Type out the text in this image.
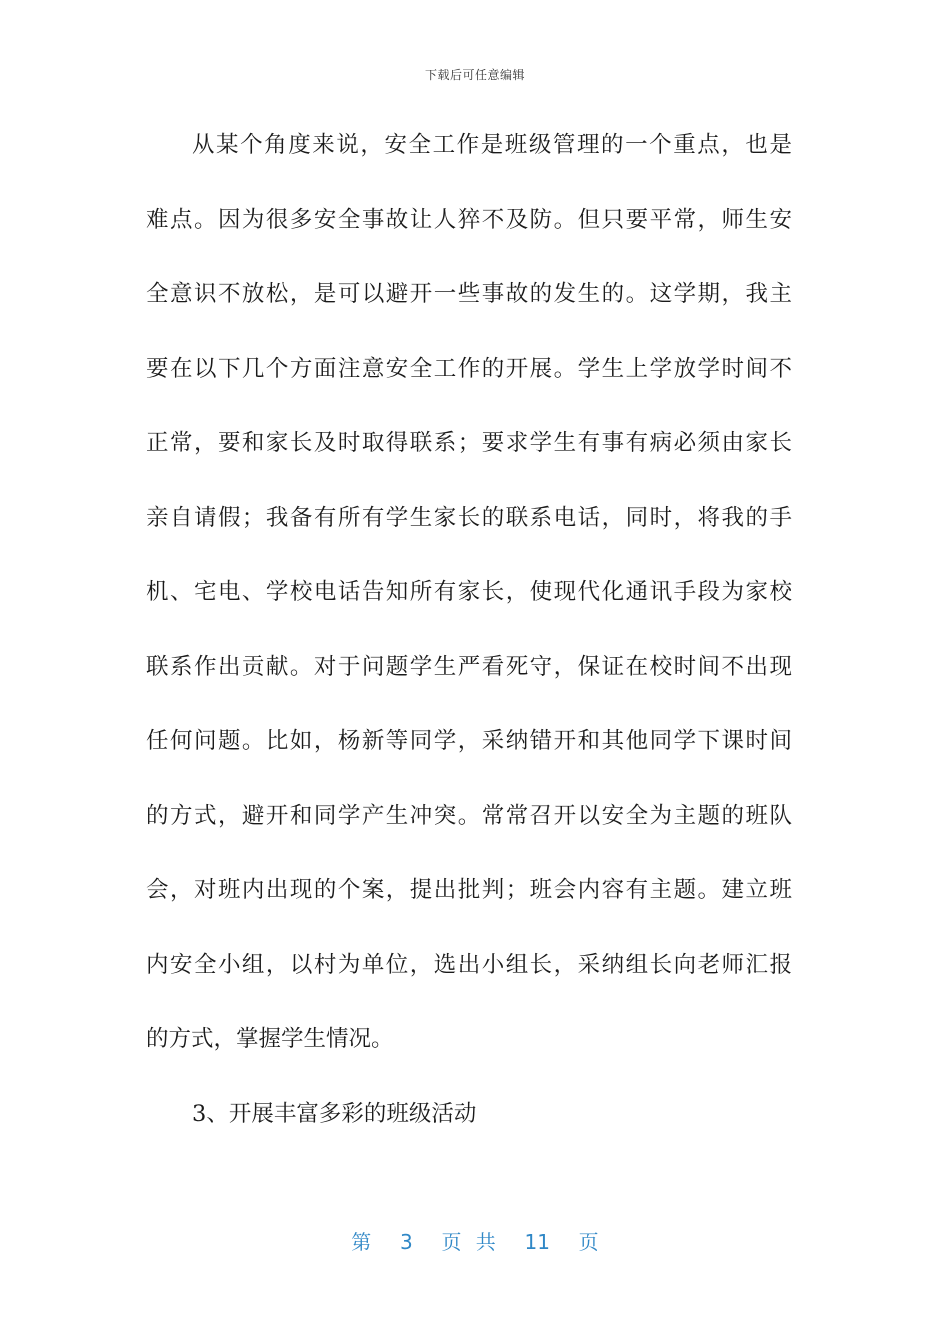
下载后可任意编辑
从某个角度来说，安全工作是班级管理的一个重点，也是
难点。因为很多安全事故让人猝不及防。但只要平常，师生安
全意识不放松，是可以避开一些事故的发生的。这学期，我主
要在以下几个方面注意安全工作的开展。学生上学放学时间不
正常，要和家长及时取得联系；要求学生有事有病必须由家长
亲自请假；我备有所有学生家长的联系电话，同时，将我的手
机、宅电、学校电话告知所有家长，使现代化通讯手段为家校
联系作出贡献。对于问题学生严看死守，保证在校时间不出现
任何问题。比如，杨新等同学，采纳错开和其他同学下课时间
的方式，避开和同学产生冲突。常常召开以安全为主题的班队
会，对班内出现的个案，提出批判；班会内容有主题。建立班
内安全小组，以村为单位，选出小组长，采纳组长向老师汇报
的方式，掌握学生情况。
3、开展丰富多彩的班级活动
第  3  页 共  11  页
